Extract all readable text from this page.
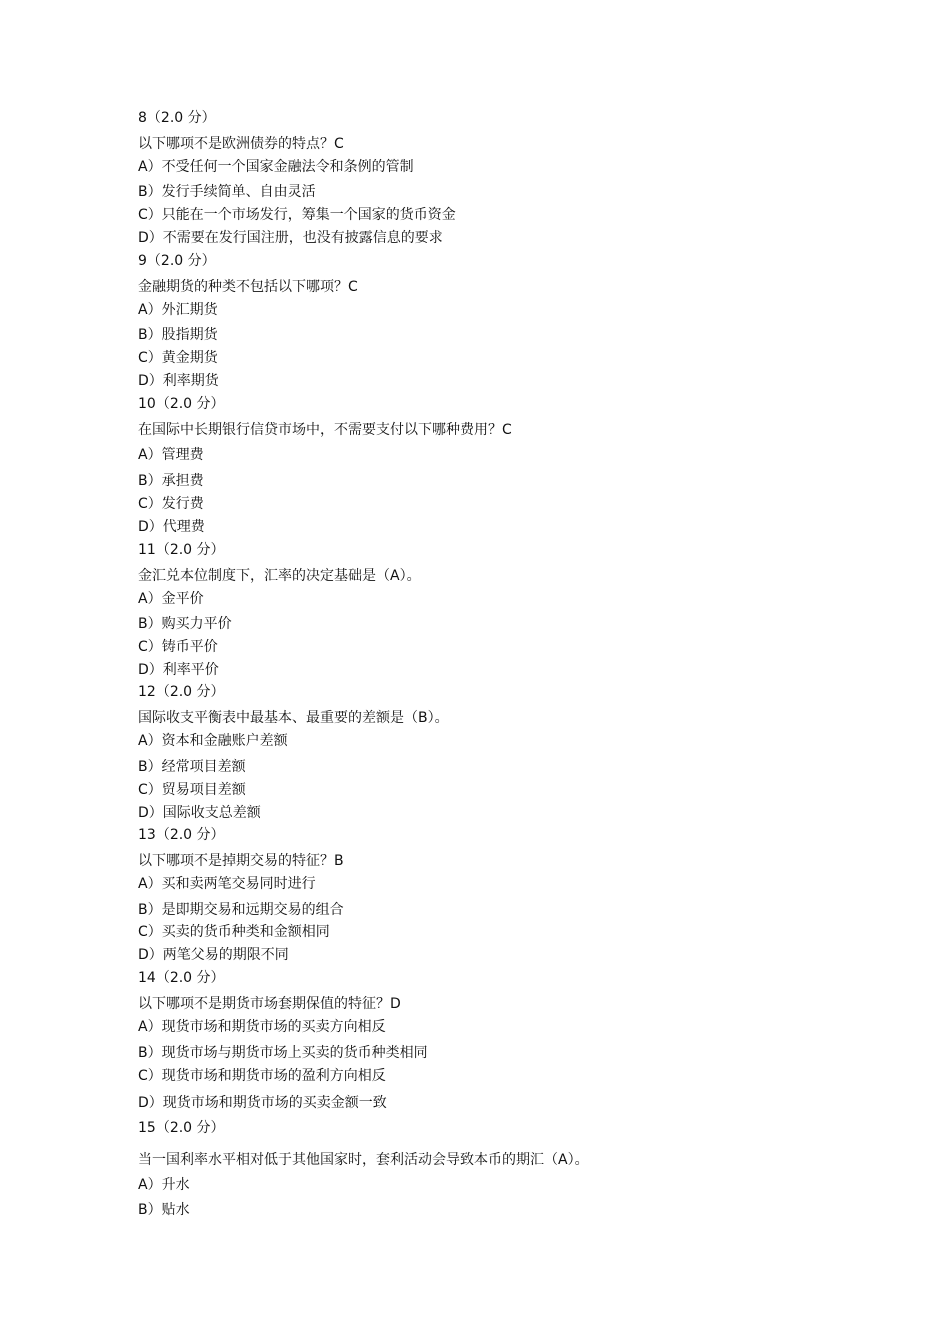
8（2.0 分）
以下哪项不是欧洲债券的特点？C
A）不受任何一个国家金融法令和条例的管制
B）发行手续简单、自由灵活
C）只能在一个市场发行，筹集一个国家的货币资金
D）不需要在发行国注册，也没有披露信息的要求
9（2.0 分）
金融期货的种类不包括以下哪项？C
A）外汇期货
B）股指期货
C）黄金期货
D）利率期货
10（2.0 分）
在国际中长期银行信贷市场中，不需要支付以下哪种费用？C
A）管理费
B）承担费
C）发行费
D）代理费
11（2.0 分）
金汇兑本位制度下，汇率的决定基础是（A）。
A）金平价
B）购买力平价
C）铸币平价
D）利率平价
12（2.0 分）
国际收支平衡表中最基本、最重要的差额是（B）。
A）资本和金融账户差额
B）经常项目差额
C）贸易项目差额
D）国际收支总差额
13（2.0 分）
以下哪项不是掉期交易的特征？B
A）买和卖两笔交易同时进行
B）是即期交易和远期交易的组合
C）买卖的货币种类和金额相同
D）两笔父易的期限不同
14（2.0 分）
以下哪项不是期货市场套期保值的特征？D
A）现货市场和期货市场的买卖方向相反
B）现货市场与期货市场上买卖的货币种类相同
C）现货市场和期货市场的盈利方向相反
D）现货市场和期货市场的买卖金额一致
15（2.0 分）
当一国利率水平相对低于其他国家时，套利活动会导致本币的期汇（A）。
A）升水
B）贴水
